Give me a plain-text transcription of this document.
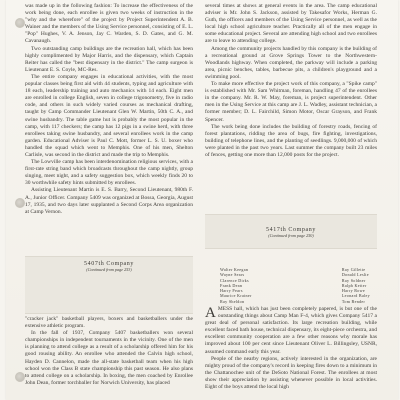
was made up in the following fashion: To increase the effectiveness of the work being done, each enrollee is given two weeks of instruction in the "why and the wherefore" of the project by Project Superintendent A. B. Wainer and the members of the Using Service personnel, consisting of E. L. "Pop" Hughes, V. A. Jenson, Jay C. Warden, S. D. Gates, and G. M. Cavanaugh.

Two outstanding camp buildings are the recreation hall, which has been highly complimented by Major Harris, and the dispensary, which Captain Reiter has called the "best dispensary in the district." The camp surgeon is Lieutenant E. S. Coyle, MC-Res.

The entire company engages in educational activities, with the most popular classes being first aid with 44 students, typing and agriculture with 18 each, leadership training and auto mechanics with 14 each. Eight men are enrolled in college English, seven in college trigonometry, five in radio code, and others in such widely varied courses as mechanical drafting, taught by Camp Commander Lieutenant Glen W. Martin, 50th C. A., and swine husbandry. The table game hut is probably the most popular in the camp, with 117 checkers; the camp has 12 pigs in a swine herd, with three enrollees taking swine husbandry, and several enrollees work in the camp garden. Educational Adviser is Paul C. Mott, former L. S. U. boxer who handled the squad which went to Memphis. One of his men, Shelton Carlisle, was second in the district and made the trip to Memphis.

The Lowville camp has been interdenomination religious services, with a first-rate string band which broadcasts throughout the camp nightly, group singing, meet night, and a safety suggestion box, which weekly finds 20 to 30 worthwhile safety hints submitted by enrollees.

Assisting Lieutenant Martin is E. S. Barry, Second Lieutenant, 980th F. A., Junior Officer. Company 5409 was organized at Bossa, Georgia, August 17, 1935, and two days later supplanted a Second Corps Area organization at Camp Vernon.

5407th Company
(Continued from page 253)

"cracker jack" basketball players, boxers and basketballers under the extensive athletic program.

In the fall of 1937, Company 5407 basketballers won several championships in independent tournaments in the vicinity. One of the men is planning to attend college as a result of a scholarship offered him for his good rousing ability. An enrollee who attended the Calvin high school, Hayden D. Cannelon, made the all-state basketball team when his high school won the Class B state championship this past season. He also plans to attend college on a scholarship. In boxing, the men coached by Enrollee John Dean, former torchballer for Norwich University, has placed

several times at shows at general events in the area. The camp educational adviser is Mr. John S. Jackson, assisted by Takesafor Works, Herman G. Guth, the officers and members of the Using Service personnel, as well as the local high school agriculture teacher. Practically all of the men engage in some educational project. Several are attending high school and two enrollees are to leave to attending college.

Among the community projects handled by this company is the building of a recreational ground at Grove Springs Tower to the Northwestern-Woodlands highway. When completed, the parkway will include a parking area, picnic benches, tables, barbecue pits, a children's playground and a swimming pool.

To make more effective the project work of this company, a "Spike camp" is established with Mr. Sam Whitman, foreman, handling 47 of the enrollees in the company. Mr. R. W. May, foreman, is project superintendent. Other men in the Using Service at this camp are J. L. Wadley, assistant technician, a former member; D. L. Fairchild, Simon Motor, Oscar Grayson, and Frank Spencer.

The work being done includes the building of forestry roads, fencing of forest plantations, ridding the area of bugs, fire fighting, investigations, building of telephone lines, and the planting of seedlings. 9,000,000 of which were planted in the past two years. Last summer the company built 23 miles of fences, getting one more than 12,000 posts for the project.

5417th Company
(Continued from page 250)
Walter Keegan
Wayne Sears
Clarence Dirks
Frank Dean
Harry Pears
Maurice Krainer
Ray Sheldon
Ray Gillette
Donald Leslie
Ray Soldner
Ralph Ketter
Harry Rowe
Leonard Baley
Tom Bender

AMESS hall, which has just been completely papered, is but one of the outstanding things about Camp Man F-4, which gives Company 5417 a great deal of personal satisfaction. Its large recreation building, while excellent faced bath house, technical dispensary, its eight-piece orchestra, and excellent community cooperation are a few other reasons why morale has improved about 100 per cent since Lieutenant Oliver L. Billingsley, USNR, assumed command early this year.

People of the nearby regions, actively interested in the organization, are mighty proud of the company's record in keeping fires down to a minimum in the Chattanochee unit of the DeSoto National Forest. The enrollees at most show their appreciation by assisting whenever possible in local activities. Eight of the boys attend the local high
